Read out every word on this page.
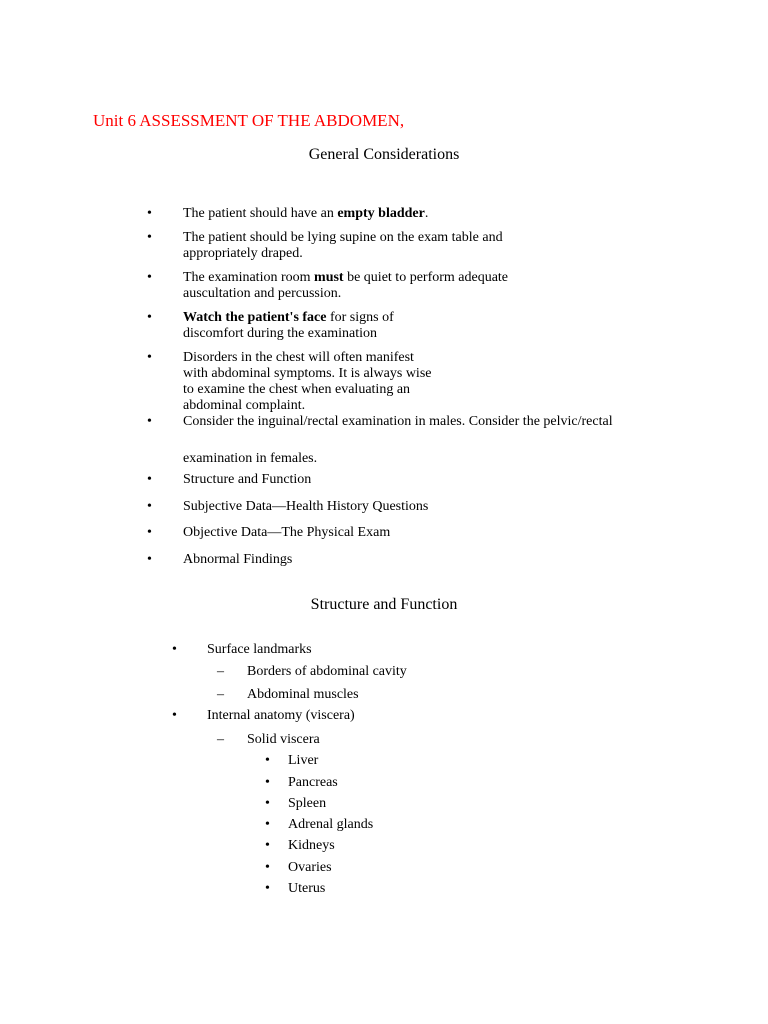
Unit 6 ASSESSMENT OF THE ABDOMEN,
General Considerations
• The patient should have an empty bladder.
• The patient should be lying supine on the exam table and
appropriately draped.
• The examination room must be quiet to perform adequate
auscultation and percussion.
• Watch the patient's face for signs of
discomfort during the examination
• Disorders in the chest will often manifest
with abdominal symptoms. It is always wise
to examine the chest when evaluating an
abdominal complaint.
• Consider the inguinal/rectal examination in males. Consider the pelvic/rectal
examination in females.
• Structure and Function
• Subjective Data—Health History Questions
• Objective Data—The Physical Exam
• Abnormal Findings
Structure and Function
• Surface landmarks
– Borders of abdominal cavity
– Abdominal muscles
• Internal anatomy (viscera)
– Solid viscera
• Liver
• Pancreas
• Spleen
• Adrenal glands
• Kidneys
• Ovaries
• Uterus
